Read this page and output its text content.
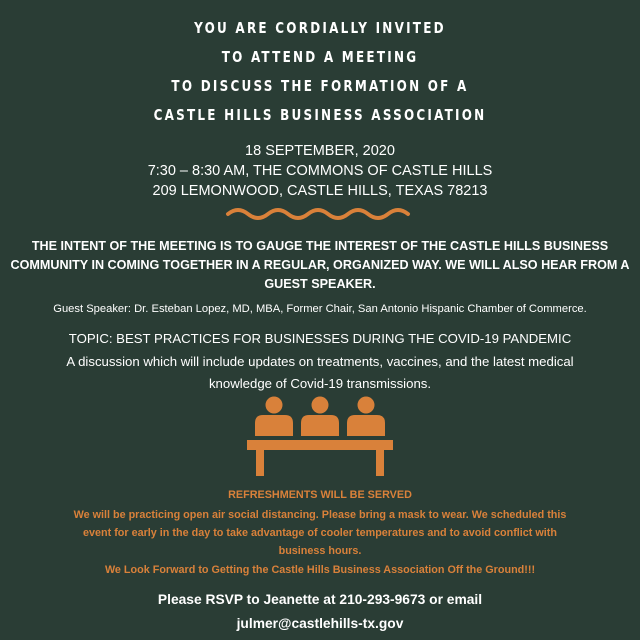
YOU ARE CORDIALLY INVITED
TO ATTEND A MEETING
TO DISCUSS THE FORMATION OF A
CASTLE HILLS BUSINESS ASSOCIATION
18 SEPTEMBER, 2020
7:30 – 8:30 AM, THE COMMONS OF CASTLE HILLS
209 LEMONWOOD, CASTLE HILLS, TEXAS 78213
THE INTENT OF THE MEETING IS TO GAUGE THE INTEREST OF THE CASTLE HILLS BUSINESS COMMUNITY IN COMING TOGETHER IN A REGULAR, ORGANIZED WAY. WE WILL ALSO HEAR FROM A GUEST SPEAKER.
Guest Speaker: Dr. Esteban Lopez, MD, MBA, Former Chair, San Antonio Hispanic Chamber of Commerce.
TOPIC: BEST PRACTICES FOR BUSINESSES DURING THE COVID-19 PANDEMIC
A discussion which will include updates on treatments, vaccines, and the latest medical knowledge of Covid-19 transmissions.
REFRESHMENTS WILL BE SERVED
We will be practicing open air social distancing. Please bring a mask to wear. We scheduled this event for early in the day to take advantage of cooler temperatures and to avoid conflict with business hours.
We Look Forward to Getting the Castle Hills Business Association Off the Ground!!!
Please RSVP to Jeanette at 210-293-9673 or email
julmer@castlehills-tx.gov
